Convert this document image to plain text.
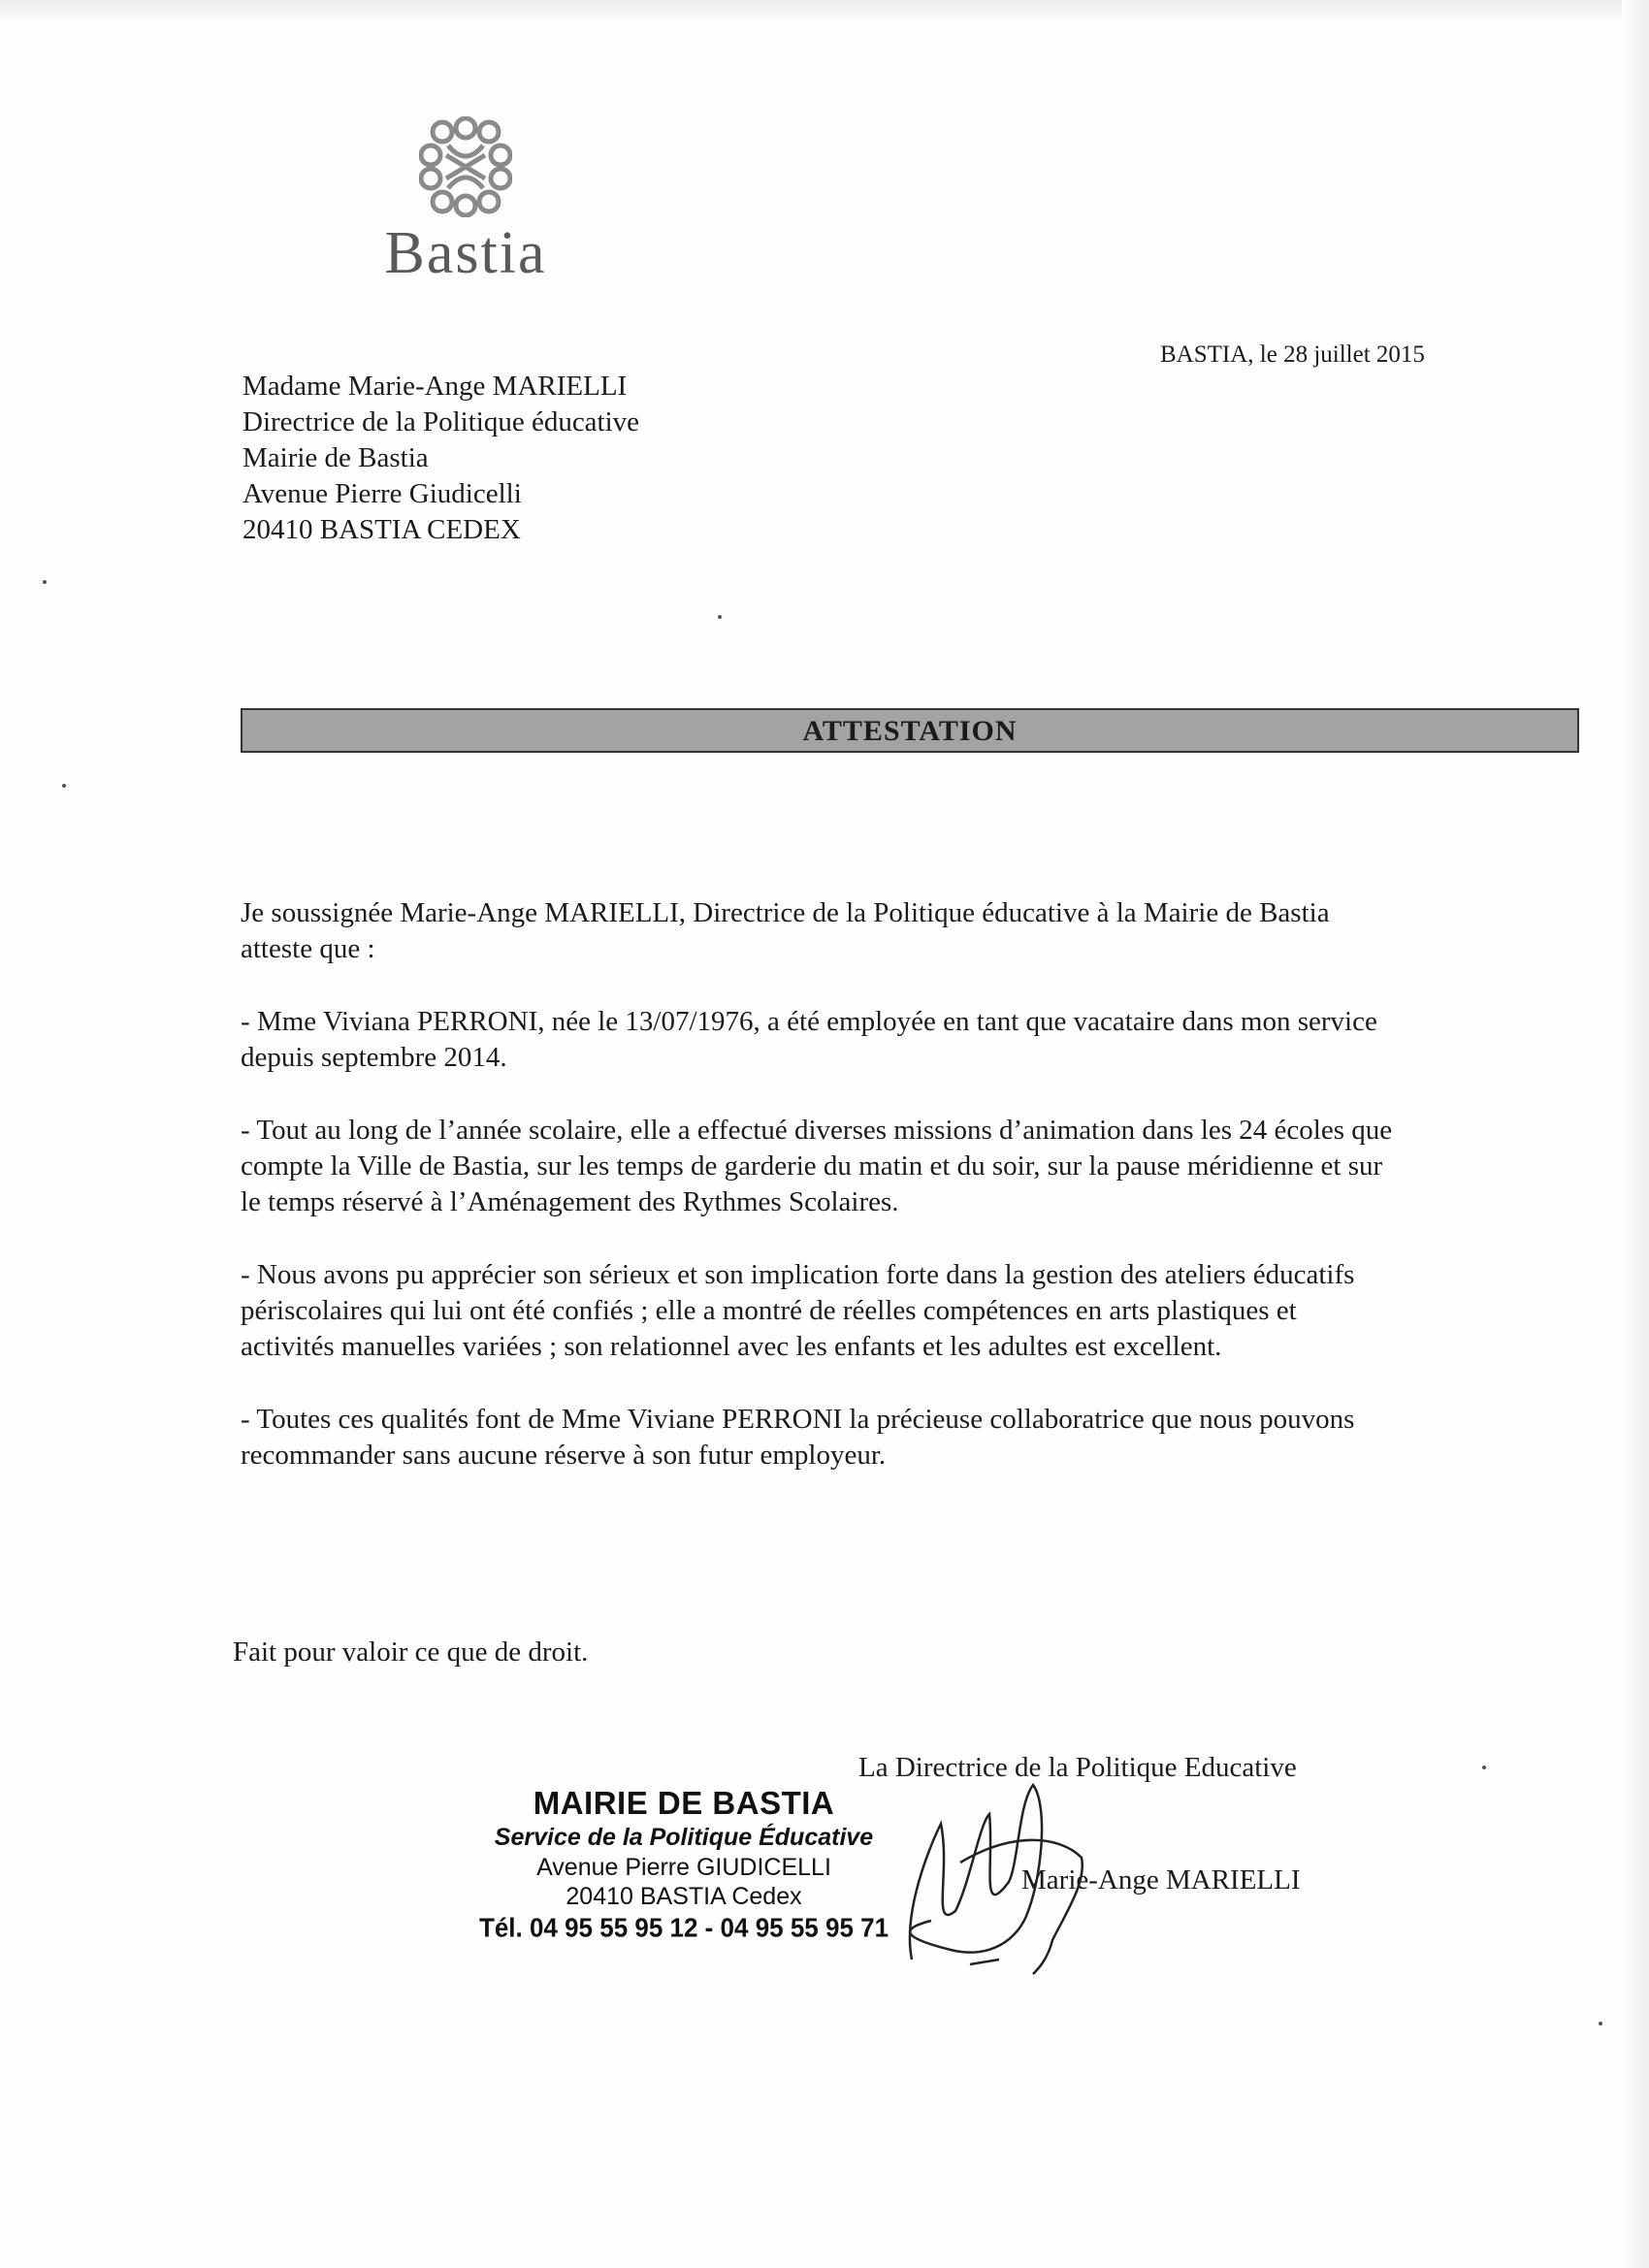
Bastia
BASTIA, le 28 juillet 2015
Madame Marie-Ange MARIELLI
Directrice de la Politique éducative
Mairie de Bastia
Avenue Pierre Giudicelli
20410 BASTIA CEDEX
ATTESTATION
Je soussignée Marie-Ange MARIELLI, Directrice de la Politique éducative à la Mairie de Bastia
atteste que :
- Mme Viviana PERRONI, née le 13/07/1976, a été employée en tant que vacataire dans mon service
depuis septembre 2014.
- Tout au long de l’année scolaire, elle a effectué diverses missions d’animation dans les 24 écoles que
compte la Ville de Bastia, sur les temps de garderie du matin et du soir, sur la pause méridienne et sur
le temps réservé à l’Aménagement des Rythmes Scolaires.
- Nous avons pu apprécier son sérieux et son implication forte dans la gestion des ateliers éducatifs
périscolaires qui lui ont été confiés ; elle a montré de réelles compétences en arts plastiques et
activités manuelles variées ; son relationnel avec les enfants et les adultes est excellent.
- Toutes ces qualités font de Mme Viviane PERRONI la précieuse collaboratrice que nous pouvons
recommander sans aucune réserve à son futur employeur.
Fait pour valoir ce que de droit.
MAIRIE DE BASTIA
Service de la Politique Éducative
Avenue Pierre GIUDICELLI
20410 BASTIA Cedex
Tél. 04 95 55 95 12 - 04 95 55 95 71
La Directrice de la Politique Educative
Marie-Ange MARIELLI
